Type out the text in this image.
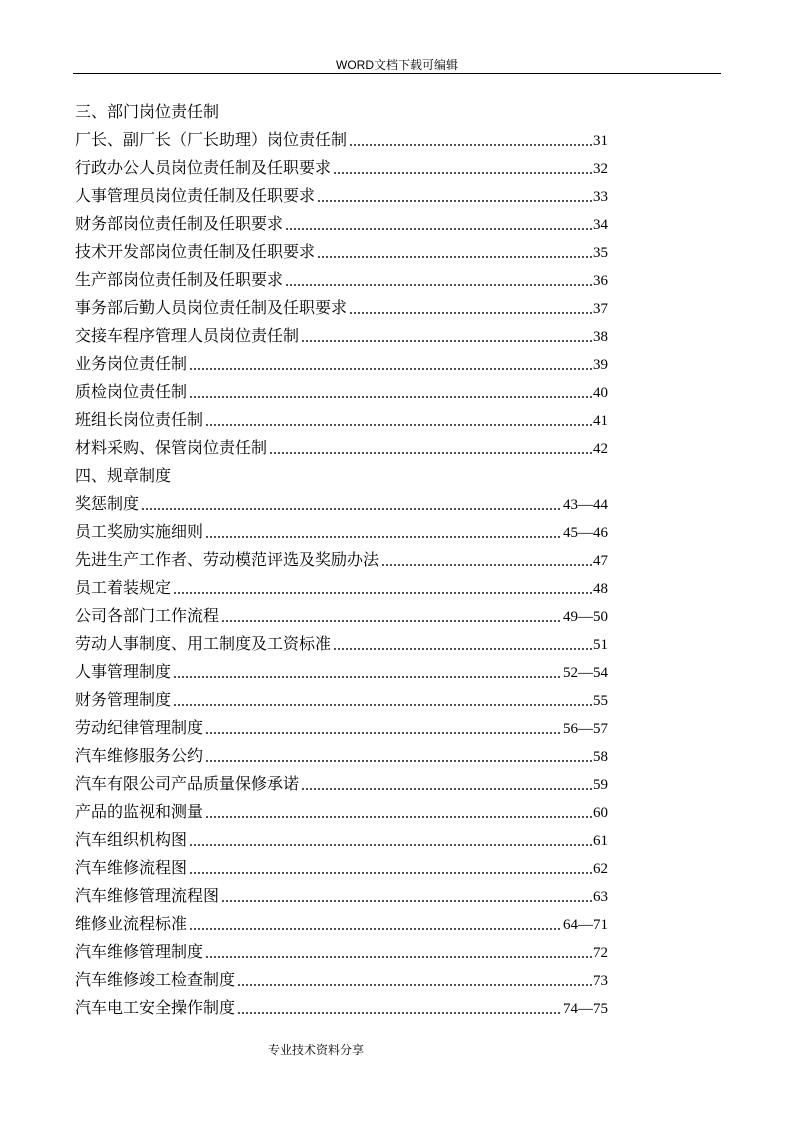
WORD文档下载可编辑
三、部门岗位责任制
厂长、副厂长（厂长助理）岗位责任制	31
行政办公人员岗位责任制及任职要求	32
人事管理员岗位责任制及任职要求	33
财务部岗位责任制及任职要求	34
技术开发部岗位责任制及任职要求	35
生产部岗位责任制及任职要求	36
事务部后勤人员岗位责任制及任职要求	37
交接车程序管理人员岗位责任制	38
业务岗位责任制	39
质检岗位责任制	40
班组长岗位责任制	41
材料采购、保管岗位责任制	42
四、规章制度
奖惩制度	43—44
员工奖励实施细则	45—46
先进生产工作者、劳动模范评选及奖励办法	47
员工着装规定	48
公司各部门工作流程	49—50
劳动人事制度、用工制度及工资标准	51
人事管理制度	52—54
财务管理制度	55
劳动纪律管理制度	56—57
汽车维修服务公约	58
汽车有限公司产品质量保修承诺	59
产品的监视和测量	60
汽车组织机构图	61
汽车维修流程图	62
汽车维修管理流程图	63
维修业流程标准	64—71
汽车维修管理制度	72
汽车维修竣工检查制度	73
汽车电工安全操作制度	74—75
专业技术资料分享
